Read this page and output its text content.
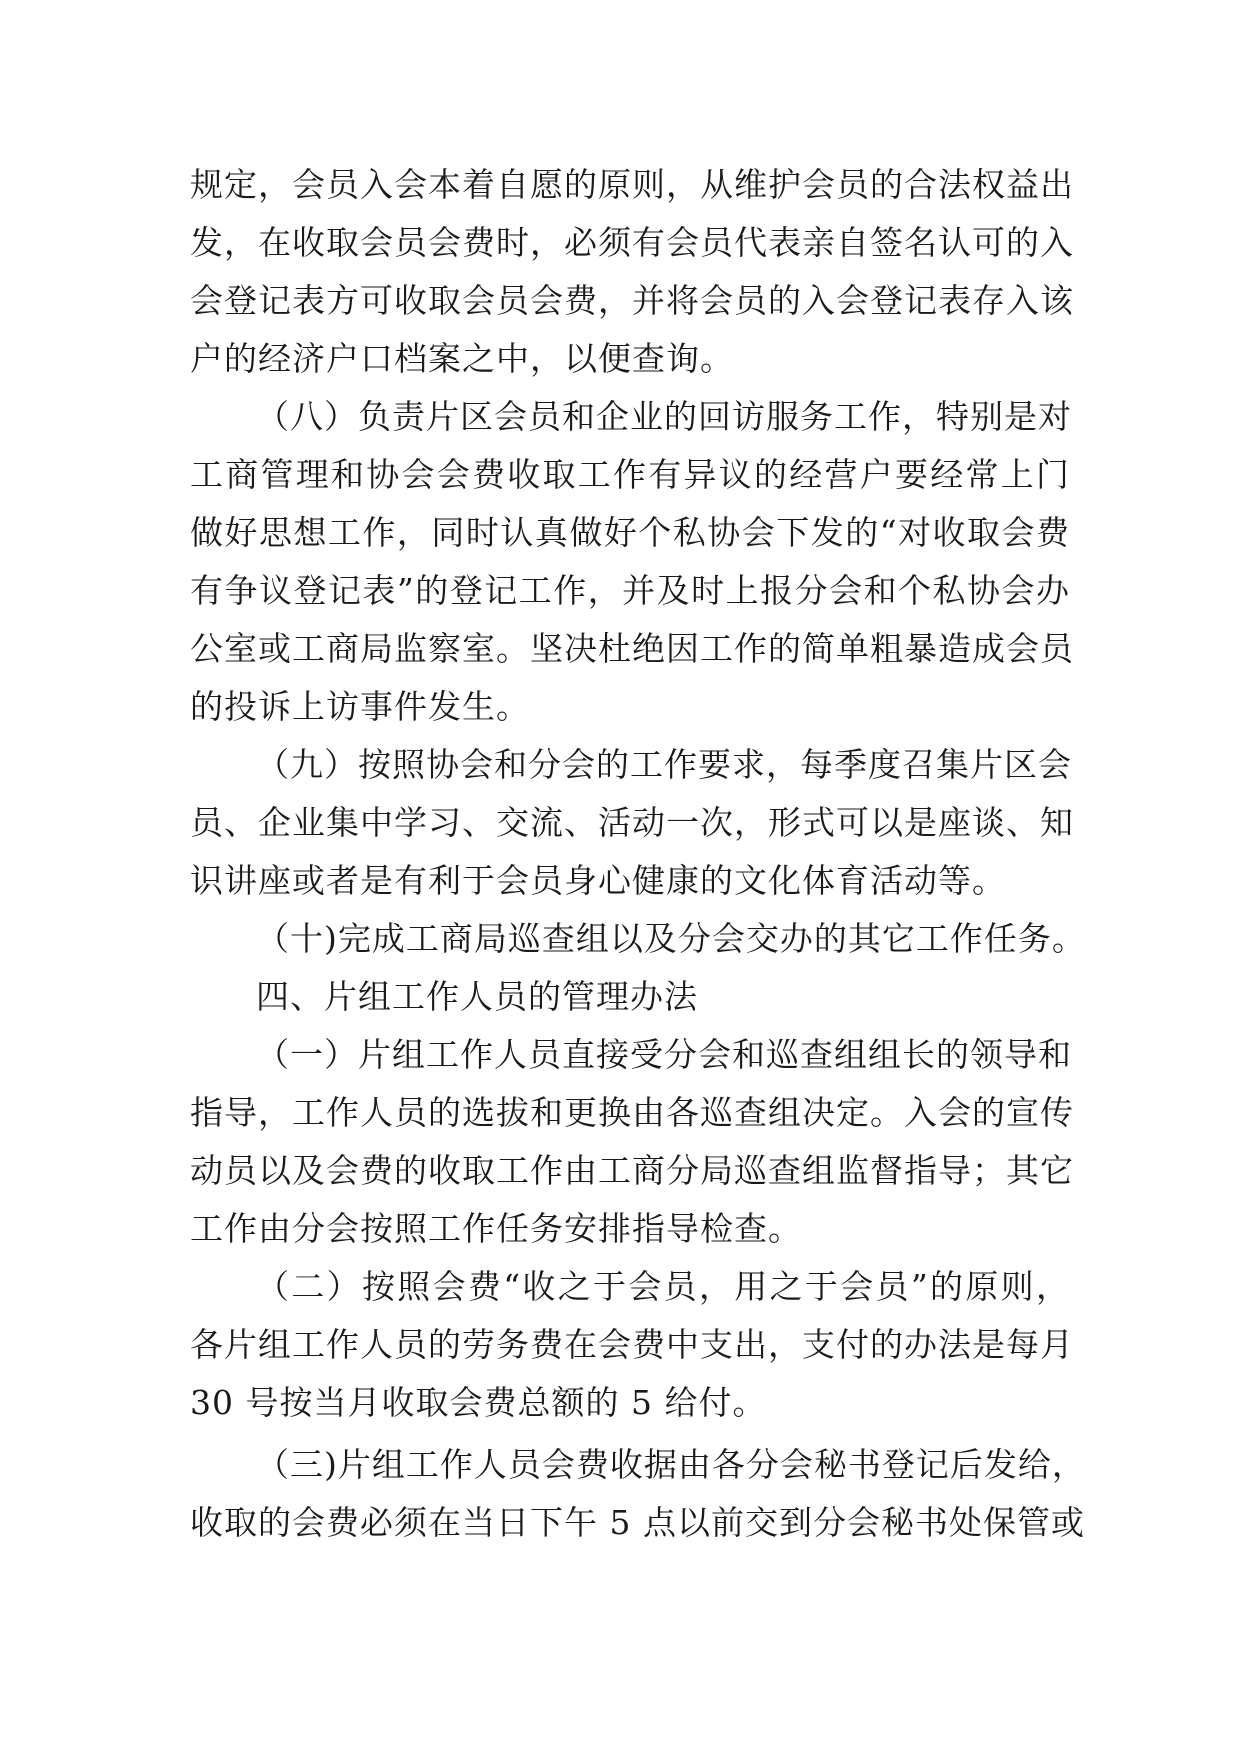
规定，会员入会本着自愿的原则，从维护会员的合法权益出
发，在收取会员会费时，必须有会员代表亲自签名认可的入
会登记表方可收取会员会费，并将会员的入会登记表存入该
户的经济户口档案之中，以便查询。
（八）负责片区会员和企业的回访服务工作，特别是对
工商管理和协会会费收取工作有异议的经营户要经常上门
做好思想工作，同时认真做好个私协会下发的“对收取会费
有争议登记表”的登记工作，并及时上报分会和个私协会办
公室或工商局监察室。坚决杜绝因工作的简单粗暴造成会员
的投诉上访事件发生。
（九）按照协会和分会的工作要求，每季度召集片区会
员、企业集中学习、交流、活动一次，形式可以是座谈、知
识讲座或者是有利于会员身心健康的文化体育活动等。
（十)完成工商局巡查组以及分会交办的其它工作任务。
四、片组工作人员的管理办法
（一）片组工作人员直接受分会和巡查组组长的领导和
指导，工作人员的选拔和更换由各巡查组决定。入会的宣传
动员以及会费的收取工作由工商分局巡查组监督指导；其它
工作由分会按照工作任务安排指导检查。
（二）按照会费“收之于会员，用之于会员”的原则，
各片组工作人员的劳务费在会费中支出，支付的办法是每月
30 号按当月收取会费总额的 5 给付。
（三)片组工作人员会费收据由各分会秘书登记后发给，
收取的会费必须在当日下午 5 点以前交到分会秘书处保管或
